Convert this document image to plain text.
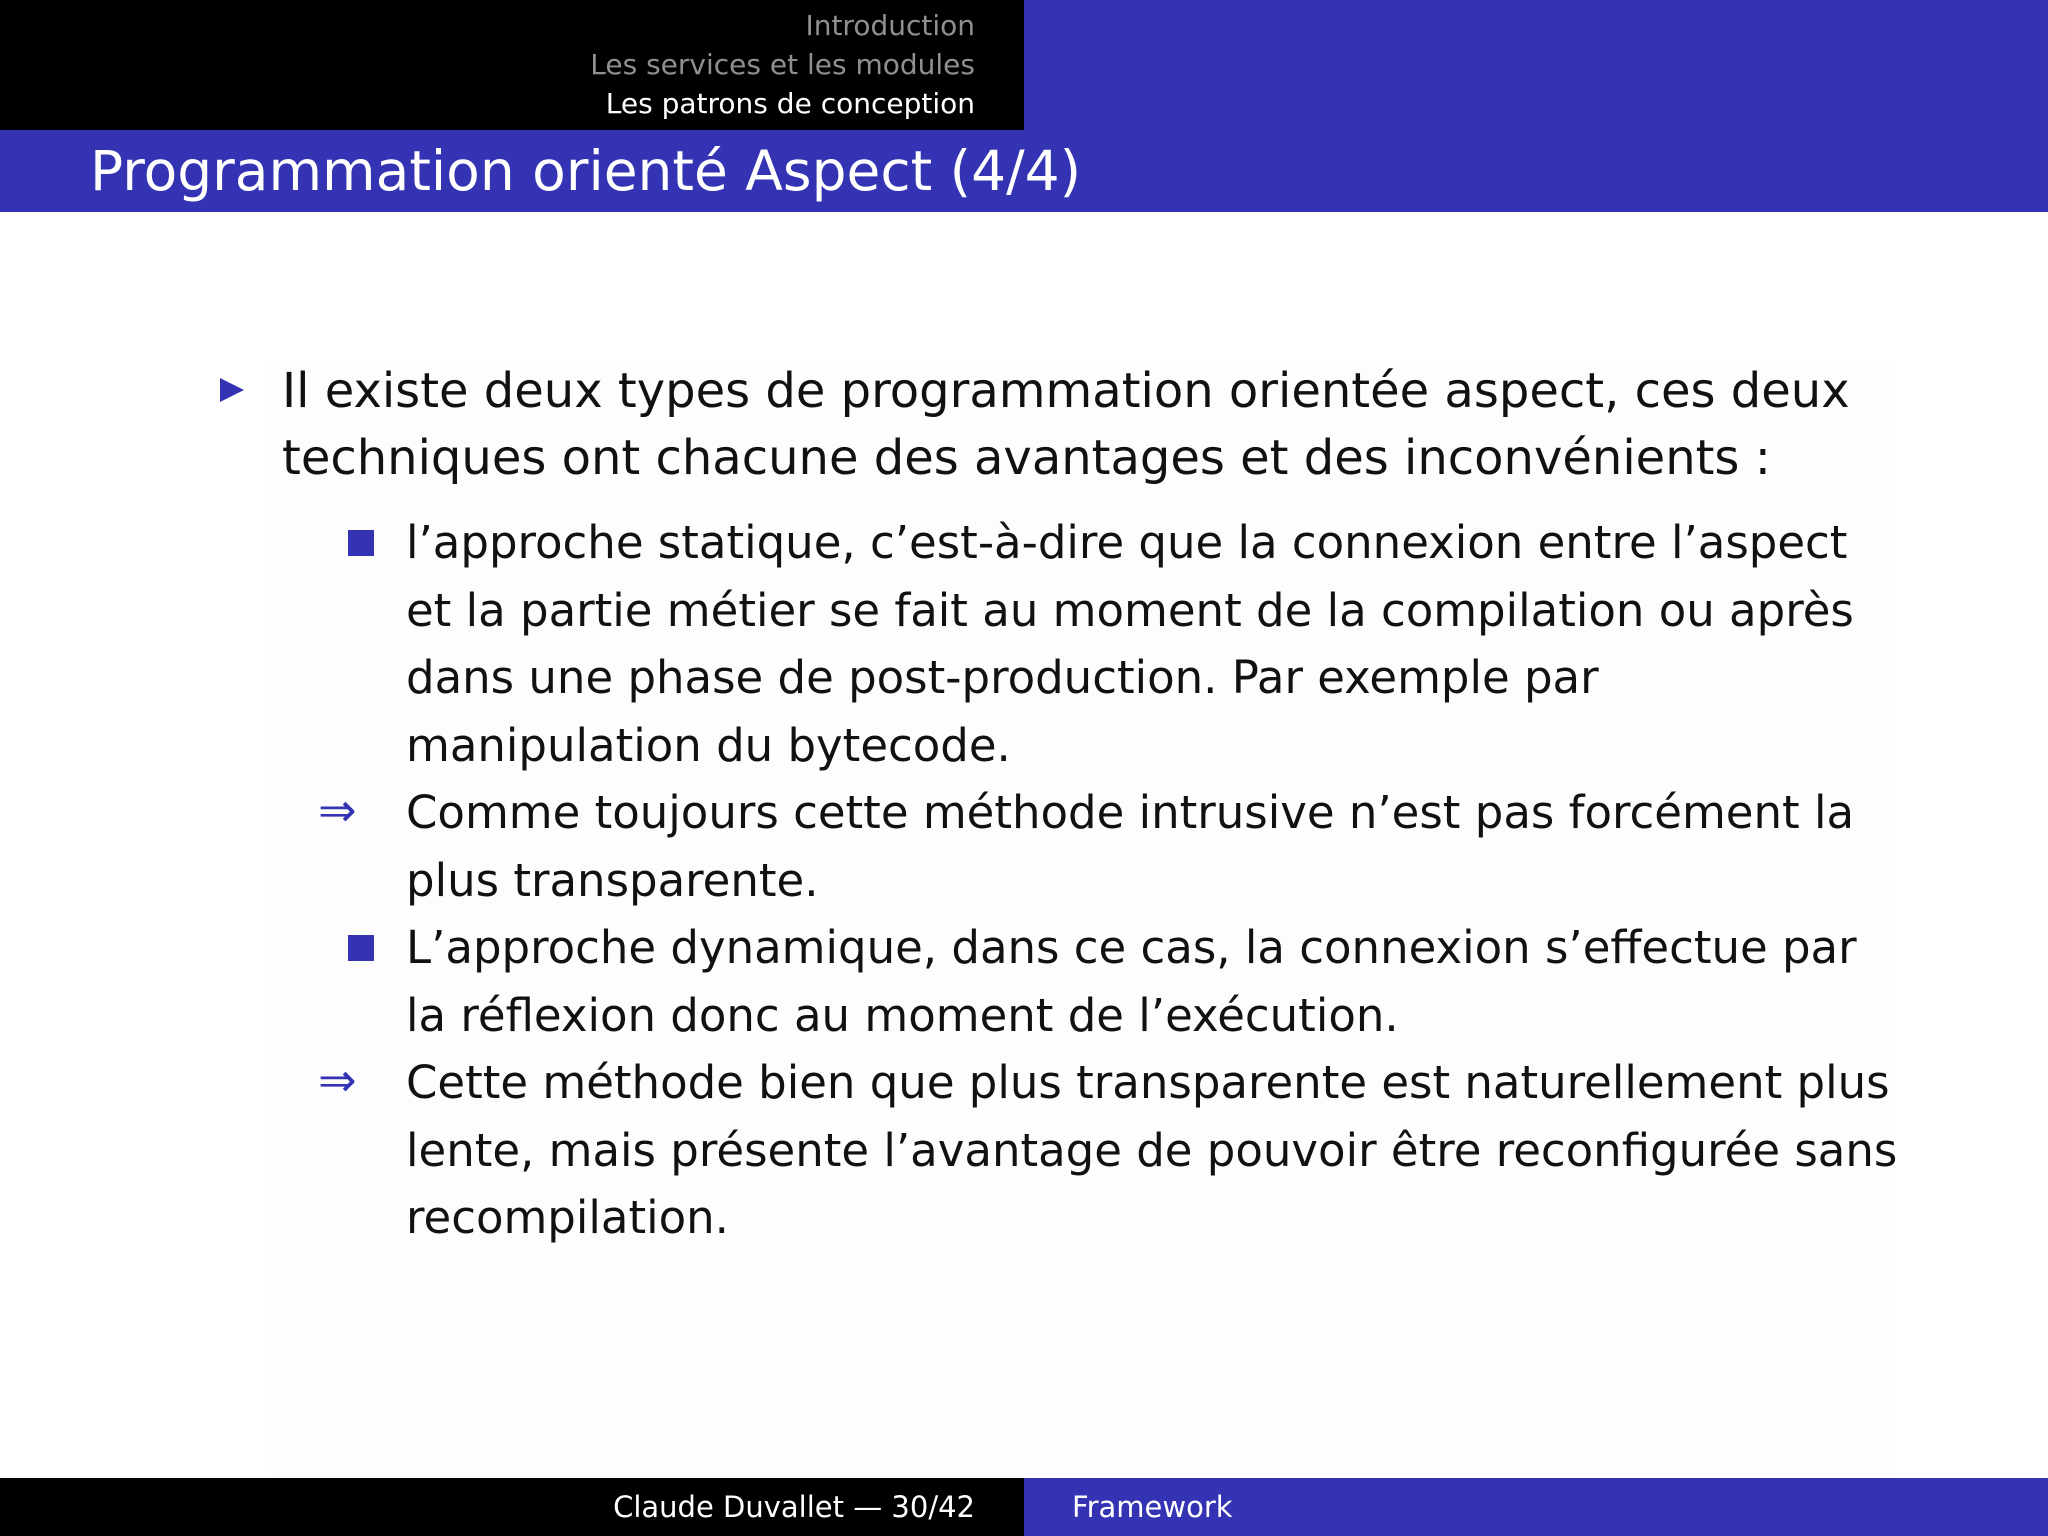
Introduction
Les services et les modules
Les patrons de conception
Programmation orienté Aspect (4/4)
Il existe deux types de programmation orientée aspect, ces deux techniques ont chacune des avantages et des inconvénients :
l’approche statique, c’est-à-dire que la connexion entre l’aspect et la partie métier se fait au moment de la compilation ou après dans une phase de post-production. Par exemple par manipulation du bytecode.
⇒ Comme toujours cette méthode intrusive n’est pas forcément la plus transparente.
L’approche dynamique, dans ce cas, la connexion s’effectue par la réflexion donc au moment de l’exécution.
⇒ Cette méthode bien que plus transparente est naturellement plus lente, mais présente l’avantage de pouvoir être reconfigurée sans recompilation.
Claude Duvallet — 30/42	Framework
